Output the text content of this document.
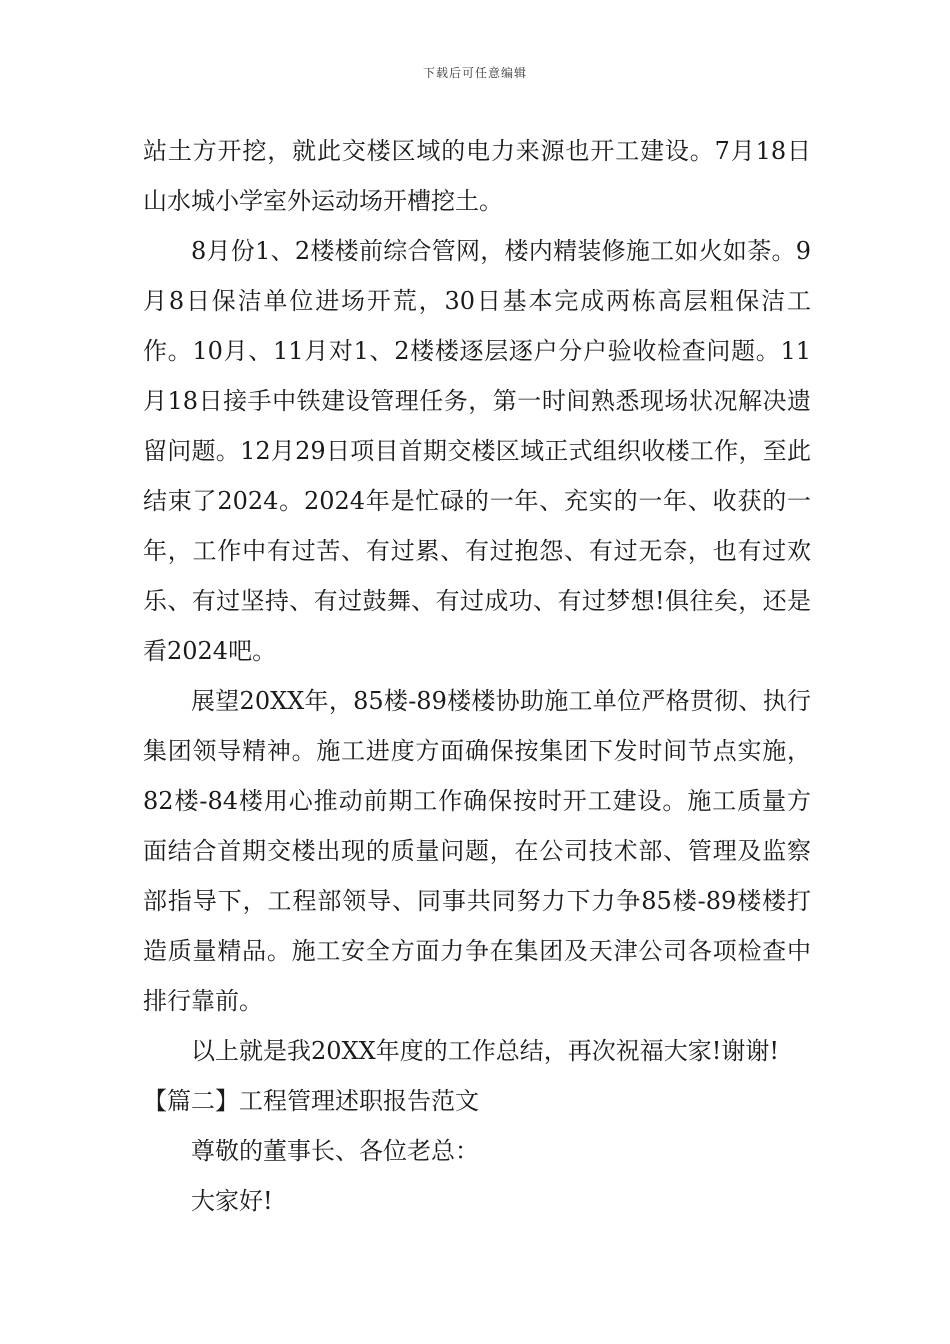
下载后可任意编辑

站土方开挖，就此交楼区域的电力来源也开工建设。7月18日山水城小学室外运动场开槽挖土。

8月份1、2楼楼前综合管网，楼内精装修施工如火如荼。9月8日保洁单位进场开荒，30日基本完成两栋高层粗保洁工作。10月、11月对1、2楼楼逐层逐户分户验收检查问题。11月18日接手中铁建设管理任务，第一时间熟悉现场状况解决遗留问题。12月29日项目首期交楼区域正式组织收楼工作，至此结束了2024。2024年是忙碌的一年、充实的一年、收获的一年，工作中有过苦、有过累、有过抱怨、有过无奈，也有过欢乐、有过坚持、有过鼓舞、有过成功、有过梦想!俱往矣，还是看2024吧。

展望20XX年，85楼-89楼楼协助施工单位严格贯彻、执行集团领导精神。施工进度方面确保按集团下发时间节点实施，82楼-84楼用心推动前期工作确保按时开工建设。施工质量方面结合首期交楼出现的质量问题，在公司技术部、管理及监察部指导下，工程部领导、同事共同努力下力争85楼-89楼楼打造质量精品。施工安全方面力争在集团及天津公司各项检查中排行靠前。

以上就是我20XX年度的工作总结，再次祝福大家!谢谢!

【篇二】工程管理述职报告范文

尊敬的董事长、各位老总：

大家好!
